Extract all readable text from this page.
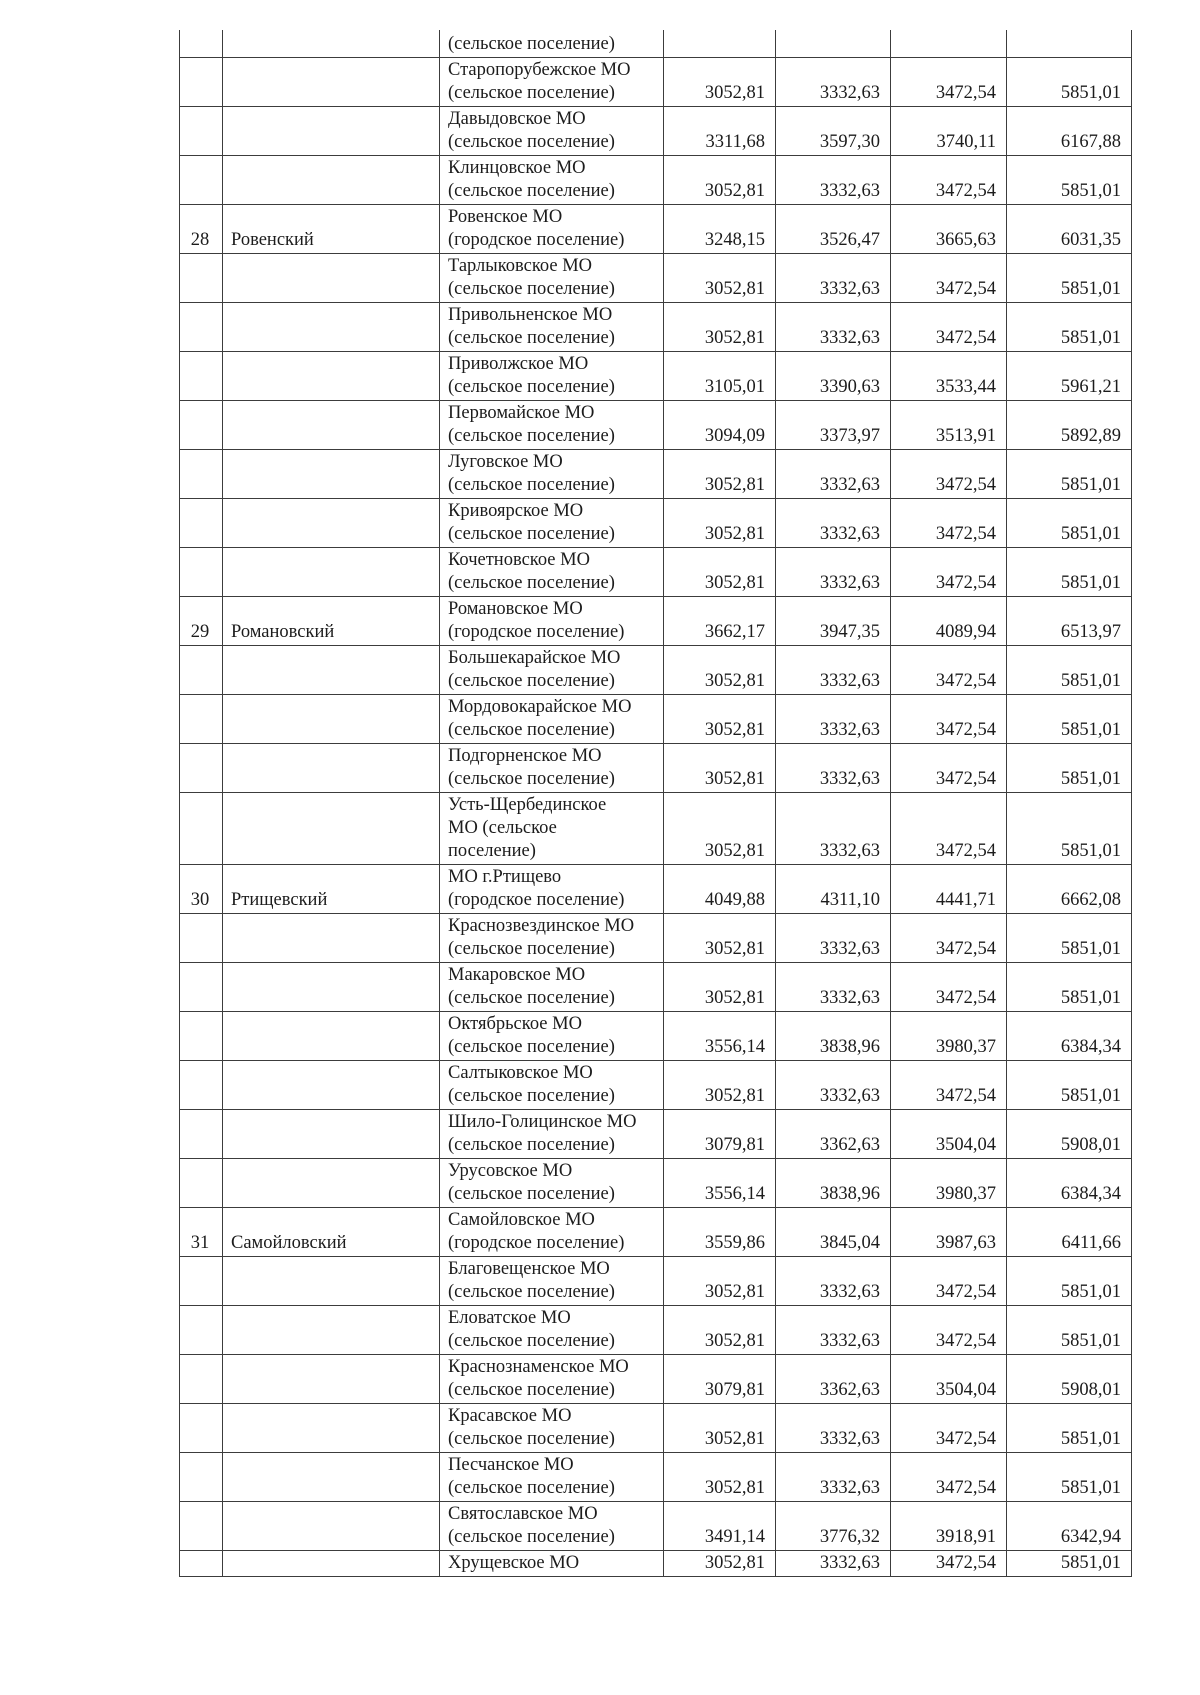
		(сельское поселение)				

		Старопорубежское МО
(сельское поселение)	3052,81	3332,63	3472,54	5851,01

		Давыдовское МО
(сельское поселение)	3311,68	3597,30	3740,11	6167,88

		Клинцовское МО
(сельское поселение)	3052,81	3332,63	3472,54	5851,01
28	Ровенский	Ровенское МО
(городское поселение)	3248,15	3526,47	3665,63	6031,35

		Тарлыковское МО
(сельское поселение)	3052,81	3332,63	3472,54	5851,01

		Привольненское МО
(сельское поселение)	3052,81	3332,63	3472,54	5851,01

		Приволжское МО
(сельское поселение)	3105,01	3390,63	3533,44	5961,21

		Первомайское МО
(сельское поселение)	3094,09	3373,97	3513,91	5892,89

		Луговское МО
(сельское поселение)	3052,81	3332,63	3472,54	5851,01

		Кривоярское МО
(сельское поселение)	3052,81	3332,63	3472,54	5851,01

		Кочетновское МО
(сельское поселение)	3052,81	3332,63	3472,54	5851,01
29	Романовский	Романовское МО
(городское поселение)	3662,17	3947,35	4089,94	6513,97

		Большекарайское МО
(сельское поселение)	3052,81	3332,63	3472,54	5851,01

		Мордовокарайское МО
(сельское поселение)	3052,81	3332,63	3472,54	5851,01

		Подгорненское МО
(сельское поселение)	3052,81	3332,63	3472,54	5851,01

		Усть-Щербединское
МО (сельское
поселение)	3052,81	3332,63	3472,54	5851,01
30	Ртищевский	МО г.Ртищево
(городское поселение)	4049,88	4311,10	4441,71	6662,08

		Краснозвездинское МО
(сельское поселение)	3052,81	3332,63	3472,54	5851,01

		Макаровское МО
(сельское поселение)	3052,81	3332,63	3472,54	5851,01

		Октябрьское МО
(сельское поселение)	3556,14	3838,96	3980,37	6384,34

		Салтыковское МО
(сельское поселение)	3052,81	3332,63	3472,54	5851,01

		Шило-Голицинское МО
(сельское поселение)	3079,81	3362,63	3504,04	5908,01

		Урусовское МО
(сельское поселение)	3556,14	3838,96	3980,37	6384,34
31	Самойловский	Самойловское МО
(городское поселение)	3559,86	3845,04	3987,63	6411,66

		Благовещенское МО
(сельское поселение)	3052,81	3332,63	3472,54	5851,01

		Еловатское МО
(сельское поселение)	3052,81	3332,63	3472,54	5851,01

		Краснознаменское МО
(сельское поселение)	3079,81	3362,63	3504,04	5908,01

		Красавское МО
(сельское поселение)	3052,81	3332,63	3472,54	5851,01

		Песчанское МО
(сельское поселение)	3052,81	3332,63	3472,54	5851,01

		Святославское МО
(сельское поселение)	3491,14	3776,32	3918,91	6342,94

		Хрущевское МО	3052,81	3332,63	3472,54	5851,01
